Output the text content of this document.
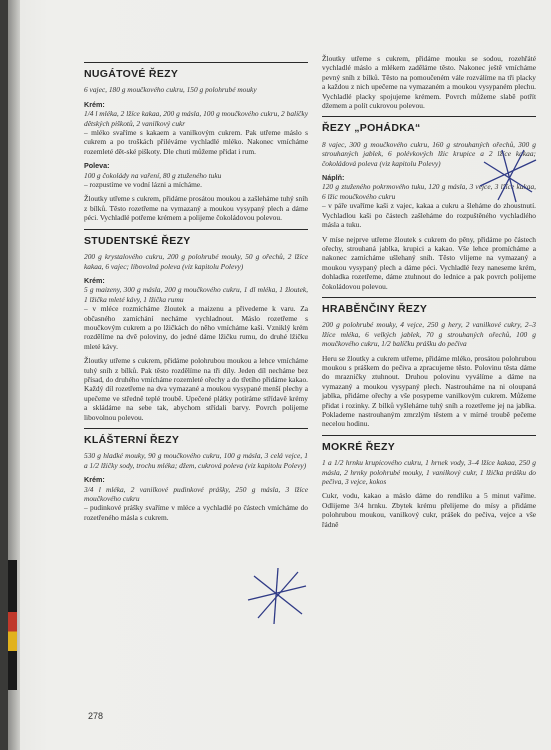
NUGÁTOVÉ ŘEZY

6 vajec, 180 g moučkového cukru, 150 g polohrubé mouky

Krém:

1/4 l mléka, 2 lžíce kakaa, 200 g másla, 100 g moučkového cukru, 2 balíčky dětských piškotů, 2 vanilkový cukr

– mléko svaříme s kakaem a vanilkovým cukrem. Pak utřeme máslo s cukrem a po troškách přiléváme vychladlé mléko. Nakonec vmícháme rozemleté dět-ské piškoty. Dle chuti můžeme přidat i rum.

Poleva:

100 g čokolády na vaření, 80 g ztuženého tuku

– rozpustíme ve vodní lázni a mícháme.

Žloutky utřeme s cukrem, přidáme prosátou moukou a zašleháme tuhý sníh z bílků. Těsto rozetřeme na vymazaný a moukou vysypaný plech a dáme péci. Vychladlé potřeme krémem a polijeme čokoládovou polevou.

STUDENTSKÉ ŘEZY

200 g krystalového cukru, 200 g polohrubé mouky, 50 g ořechů, 2 lžíce kakaa, 6 vajec; libovolná poleva (viz kapitolu Polevy)

Krém:

5 g maizeny, 300 g másla, 200 g moučkového cukru, 1 dl mléka, 1 žloutek, 1 lžička mleté kávy, 1 lžička rumu

– v mléce rozmícháme žloutek a maizenu a přivedeme k varu. Za občasného zamíchání necháme vychladnout. Máslo rozetřeme s moučkovým cukrem a po lžičkách do něho vmícháme kaši. Vzniklý krém rozdělíme na dvě poloviny, do jedné dáme lžičku rumu, do druhé lžičku mleté kávy.

Žloutky utřeme s cukrem, přidáme polohrubou moukou a lehce vmícháme tuhý sníh z bílků. Pak těsto rozdělíme na tři díly. Jeden díl necháme bez přísad, do druhého vmícháme rozemleté ořechy a do třetího přidáme kakao. Každý díl rozetřeme na dva vymazané a moukou vysypané menší plechy a upečeme ve středně teplé troubě. Upečené plátky potíráme střídavě krémy a skládáme na sebe tak, abychom střídali barvy. Povrch polijeme libovolnou polevou.

KLÁŠTERNÍ ŘEZY

530 g hladké mouky, 90 g moučkového cukru, 100 g másla, 3 celá vejce, 1 a 1/2 lžičky sody, trochu mléka; džem, cukrová poleva (viz kapitolu Polevy)

Krém:

3/4 l mléka, 2 vanilkové pudinkové prášky, 250 g másla, 3 lžíce moučkového cukru

– pudinkové prášky svaříme v mléce a vychladlé po částech vmícháme do rozetřeného másla s cukrem.

Žloutky utřeme s cukrem, přidáme mouku se sodou, rozehřáté vychladlé máslo a mlékem zaděláme těsto. Nakonec ještě vmícháme pevný sníh z bílků. Těsto na pomoučeném vále rozválíme na tři placky a každou z nich upečeme na vymazaném a moukou vysypaném plechu. Vychladlé placky spojujeme krémem. Povrch můžeme slabě potřít džemem a polít cukrovou polevou.

ŘEZY „POHÁDKA“

8 vajec, 300 g moučkového cukru, 160 g strouhaných ořechů, 300 g strouhaných jablek, 6 polévkových lžic krupice a 2 lžíce kakaa; čokoládová poleva (viz kapitolu Polevy)

Náplň:

120 g ztuženého pokrmového tuku, 120 g másla, 3 vejce, 3 lžíce kakaa, 6 lžic moučkového cukru

– v páře uvaříme kaši z vajec, kakaa a cukru a šleháme do zhoustnutí. Vychladlou kaši po částech zašleháme do rozpuštěného vychladlého másla a tuku.

V míse nejprve utřeme žloutek s cukrem do pěny, přidáme po částech ořechy, strouhaná jablka, krupici a kakao. Vše lehce promícháme a nakonec zamícháme ušlehaný sníh. Těsto vlijeme na vymazaný a moukou vysypaný plech a dáme péci. Vychladlé řezy naneseme krém, dohladka rozetřeme, dáme ztuhnout do lednice a pak povrch polijeme čokoládovou polevou.

HRABĚNČINY ŘEZY

200 g polohrubé mouky, 4 vejce, 250 g hery, 2 vanilkové cukry, 2–3 lžíce mléka, 6 velkých jablek, 70 g strouhaných ořechů, 100 g moučkového cukru, 1/2 balíčku prášku do pečiva

Heru se žloutky a cukrem utřeme, přidáme mléko, prosátou polohrubou moukou s práškem do pečiva a zpracujeme těsto. Polovinu těsta dáme do mrazničky ztuhnout. Druhou polovinu vyválíme a dáme na vymazaný a moukou vysypaný plech. Nastrouháme na ni oloupaná jablka, přidáme ořechy a vše posypeme vanilkovým cukrem. Můžeme přidat i rozinky. Z bílků vyšleháme tuhý sníh a rozetřeme jej na jablka. Poklademe nastrouhaným zmrzlým těstem a v mírné troubě pečeme necelou hodinu.

MOKRÉ ŘEZY

1 a 1/2 hrnku krupicového cukru, 1 hrnek vody, 3–4 lžíce kakaa, 250 g másla, 2 hrnky polohrubé mouky, 1 vanilkový cukr, 1 lžička prášku do pečiva, 3 vejce, kokos

Cukr, vodu, kakao a máslo dáme do rendlíku a 5 minut vaříme. Odlijeme 3/4 hrnku. Zbytek krému přelijeme do mísy a přidáme polohrubou moukou, vanilkový cukr, prášek do pečiva, vejce a vše řádně

278
